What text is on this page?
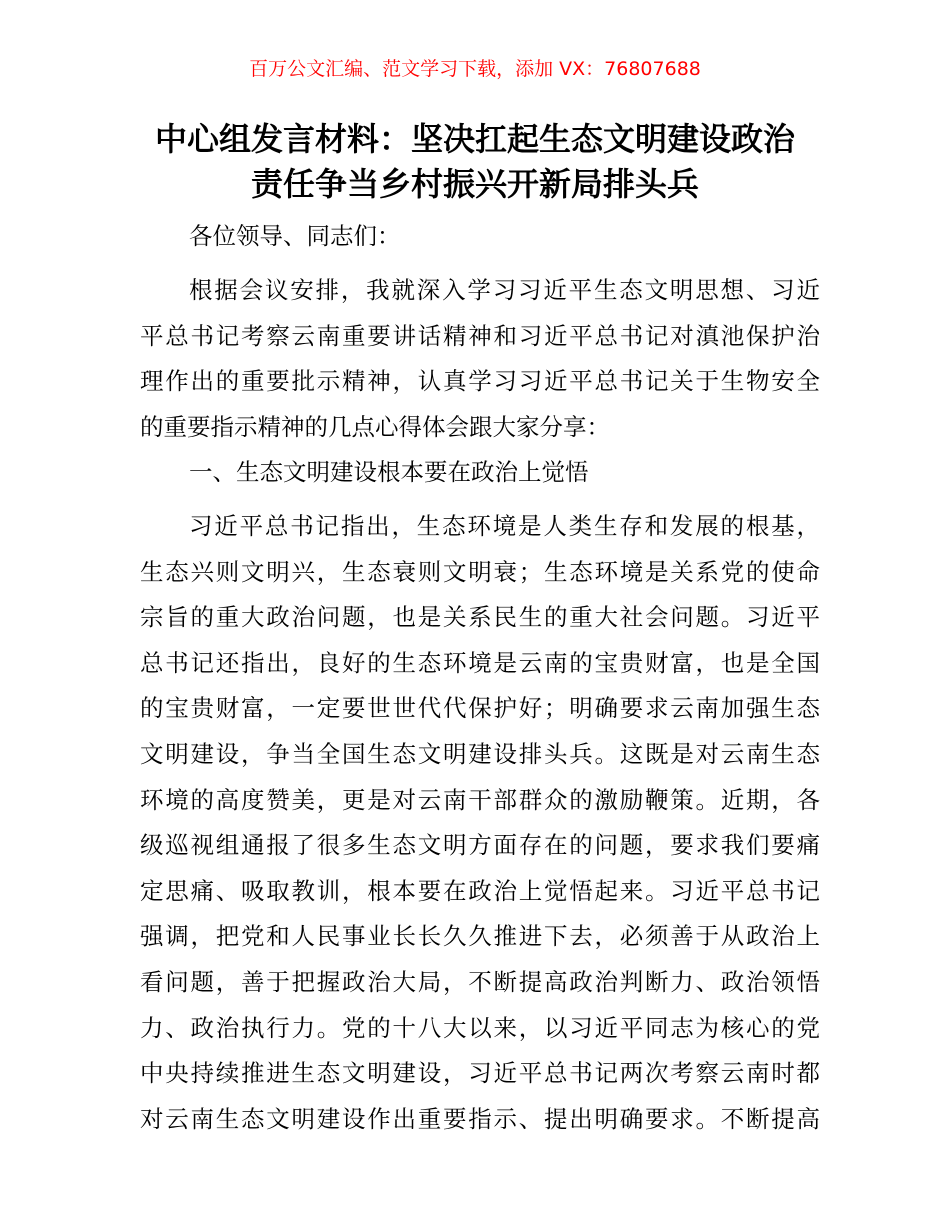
百万公文汇编、范文学习下载，添加 VX：76807688
中心组发言材料：坚决扛起生态文明建设政治
责任争当乡村振兴开新局排头兵
各位领导、同志们：
根据会议安排，我就深入学习习近平生态文明思想、习近
平总书记考察云南重要讲话精神和习近平总书记对滇池保护治
理作出的重要批示精神，认真学习习近平总书记关于生物安全
的重要指示精神的几点心得体会跟大家分享：
一、生态文明建设根本要在政治上觉悟
习近平总书记指出，生态环境是人类生存和发展的根基，
生态兴则文明兴，生态衰则文明衰；生态环境是关系党的使命
宗旨的重大政治问题，也是关系民生的重大社会问题。习近平
总书记还指出，良好的生态环境是云南的宝贵财富，也是全国
的宝贵财富，一定要世世代代保护好；明确要求云南加强生态
文明建设，争当全国生态文明建设排头兵。这既是对云南生态
环境的高度赞美，更是对云南干部群众的激励鞭策。近期，各
级巡视组通报了很多生态文明方面存在的问题，要求我们要痛
定思痛、吸取教训，根本要在政治上觉悟起来。习近平总书记
强调，把党和人民事业长长久久推进下去，必须善于从政治上
看问题，善于把握政治大局，不断提高政治判断力、政治领悟
力、政治执行力。党的十八大以来，以习近平同志为核心的党
中央持续推进生态文明建设，习近平总书记两次考察云南时都
对云南生态文明建设作出重要指示、提出明确要求。不断提高
